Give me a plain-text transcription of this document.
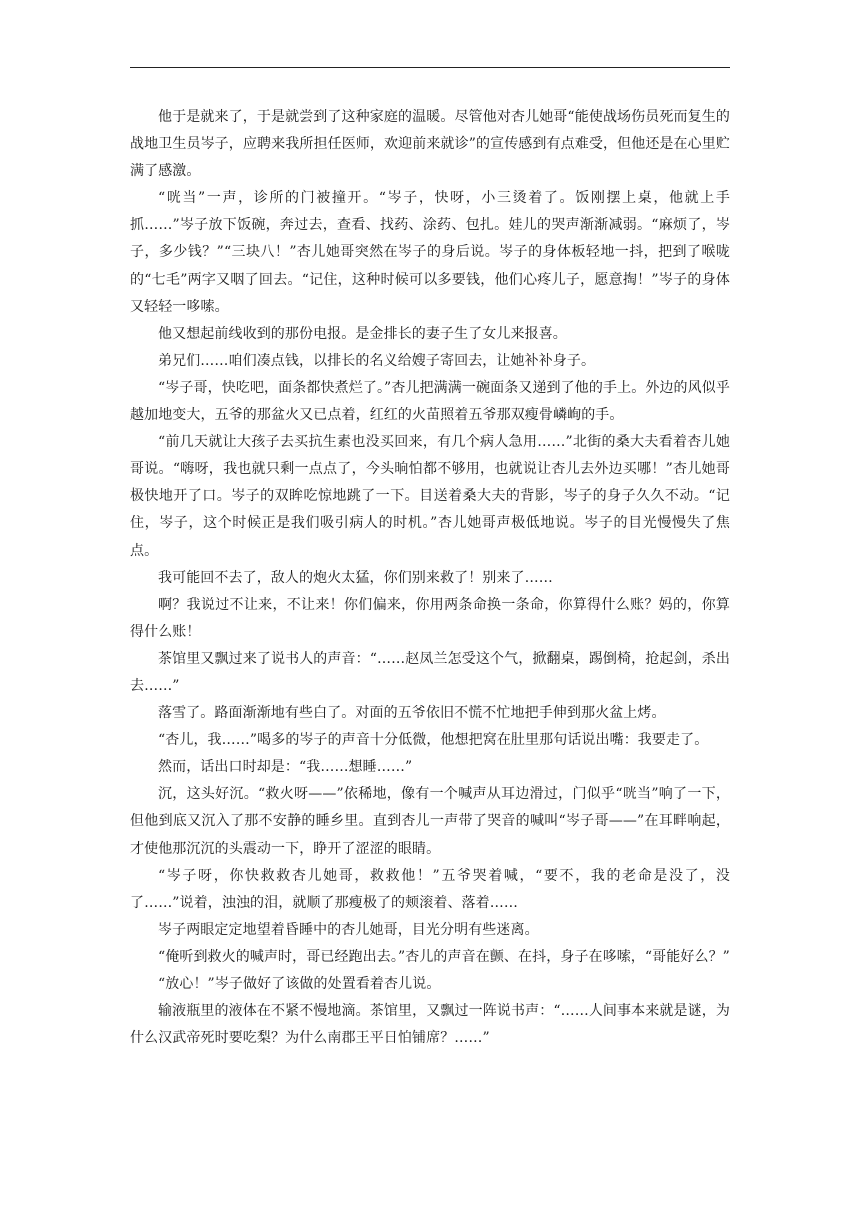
他于是就来了，于是就尝到了这种家庭的温暖。尽管他对杏儿她哥“能使战场伤员死而复生的战地卫生员岑子，应聘来我所担任医师，欢迎前来就诊”的宣传感到有点难受，但他还是在心里贮满了感激。

“咣当”一声，诊所的门被撞开。“岑子，快呀，小三烫着了。饭刚摆上桌，他就上手抓……”岑子放下饭碗，奔过去，查看、找药、涂药、包扎。娃儿的哭声渐渐减弱。“麻烦了，岑子，多少钱？”“三块八！”杏儿她哥突然在岑子的身后说。岑子的身体板轻地一抖，把到了喉咙的“七毛”两字又咽了回去。“记住，这种时候可以多要钱，他们心疼儿子，愿意掏！”岑子的身体又轻轻一哆嗦。

他又想起前线收到的那份电报。是金排长的妻子生了女儿来报喜。

弟兄们……咱们凑点钱，以排长的名义给嫂子寄回去，让她补补身子。

“岑子哥，快吃吧，面条都快煮烂了。”杏儿把满满一碗面条又递到了他的手上。外边的风似乎越加地变大，五爷的那盆火又已点着，红红的火苗照着五爷那双瘦骨嶙峋的手。

“前几天就让大孩子去买抗生素也没买回来，有几个病人急用……”北街的桑大夫看着杏儿她哥说。“嗨呀，我也就只剩一点点了，今头晌怕都不够用，也就说让杏儿去外边买哪！”杏儿她哥极快地开了口。岑子的双眸吃惊地跳了一下。目送着桑大夫的背影，岑子的身子久久不动。“记住，岑子，这个时候正是我们吸引病人的时机。”杏儿她哥声极低地说。岑子的目光慢慢失了焦点。

我可能回不去了，敌人的炮火太猛，你们别来救了！别来了……

啊？我说过不让来，不让来！你们偏来，你用两条命换一条命，你算得什么账？妈的，你算得什么账！

茶馆里又飘过来了说书人的声音：“……赵凤兰怎受这个气，掀翻桌，踢倒椅，抢起剑，杀出去……”

落雪了。路面渐渐地有些白了。对面的五爷依旧不慌不忙地把手伸到那火盆上烤。

“杏儿，我……”喝多的岑子的声音十分低微，他想把窝在肚里那句话说出嘴：我要走了。

然而，话出口时却是：“我……想睡……”

沉，这头好沉。“救火呀——”依稀地，像有一个喊声从耳边滑过，门似乎“咣当”响了一下，但他到底又沉入了那不安静的睡乡里。直到杏儿一声带了哭音的喊叫“岑子哥——”在耳畔响起，才使他那沉沉的头震动一下，睁开了涩涩的眼睛。

“岑子呀，你快救救杏儿她哥，救救他！”五爷哭着喊，“要不，我的老命是没了，没了……”说着，浊浊的泪，就顺了那瘦极了的颊滚着、落着……

岑子两眼定定地望着昏睡中的杏儿她哥，目光分明有些迷离。

“俺听到救火的喊声时，哥已经跑出去。”杏儿的声音在颤、在抖，身子在哆嗦，“哥能好么？”

“放心！”岑子做好了该做的处置看着杏儿说。

输液瓶里的液体在不紧不慢地滴。茶馆里，又飘过一阵说书声：“……人间事本来就是谜，为什么汉武帝死时要吃梨？为什么南郡王平日怕铺席？……”
